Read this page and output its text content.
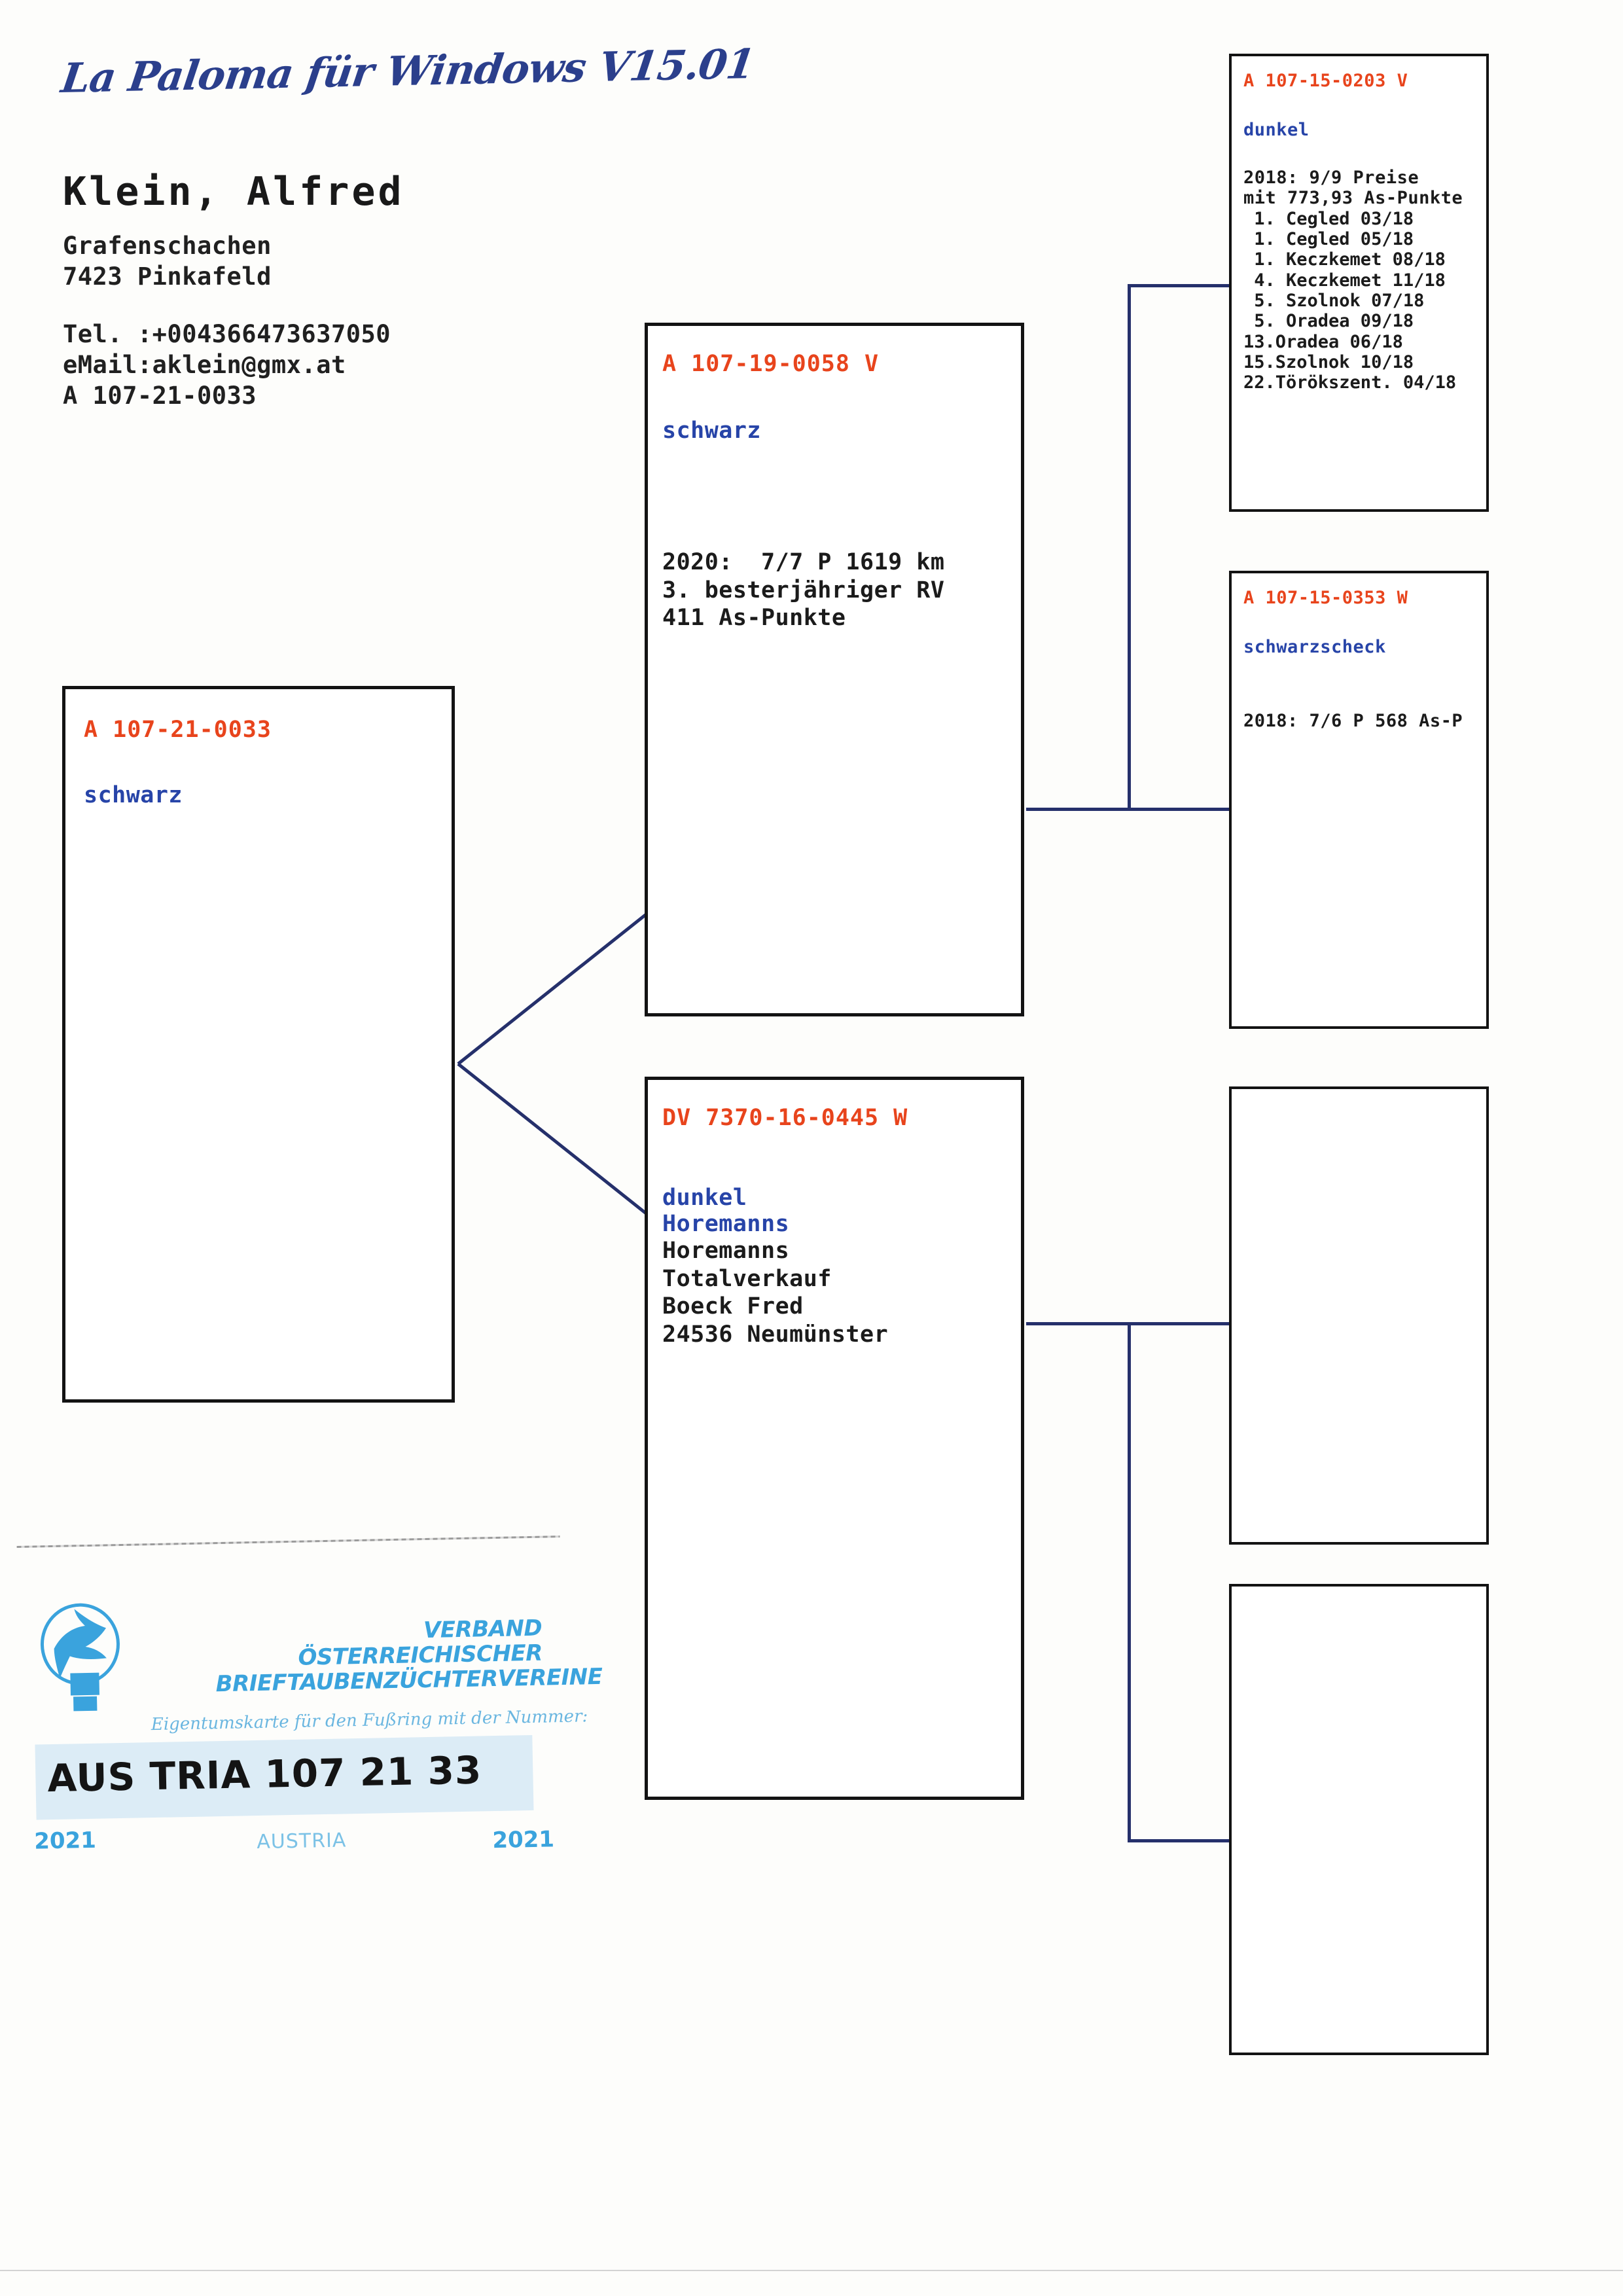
La Paloma für Windows V15.01
Klein, Alfred
Grafenschachen
7423 Pinkafeld
Tel. :+004366473637050
eMail:aklein@gmx.at
A 107-21-0033
A 107-21-0033
schwarz
A 107-19-0058 V
schwarz
2020:  7/7 P 1619 km
3. besterjähriger RV
411 As-Punkte
DV 7370-16-0445 W
dunkel
Horemanns
Horemanns
Totalverkauf
Boeck Fred
24536 Neumünster
A 107-15-0203 V
dunkel
2018: 9/9 Preise
mit 773,93 As-Punkte
1. Cegled 03/18
1. Cegled 05/18
1. Keczkemet 08/18
4. Keczkemet 11/18
5. Szolnok 07/18
5. Oradea 09/18
13.Oradea 06/18
15.Szolnok 10/18
22.Törökszent. 04/18
A 107-15-0353 W
schwarzscheck
2018: 7/6 P 568 As-P
VERBAND
ÖSTERREICHISCHER
BRIEFTAUBENZÜCHTERVEREINE
Eigentumskarte für den Fußring mit der Nummer:
AUS TRIA 107 21 33
2021	AUSTRIA	2021
